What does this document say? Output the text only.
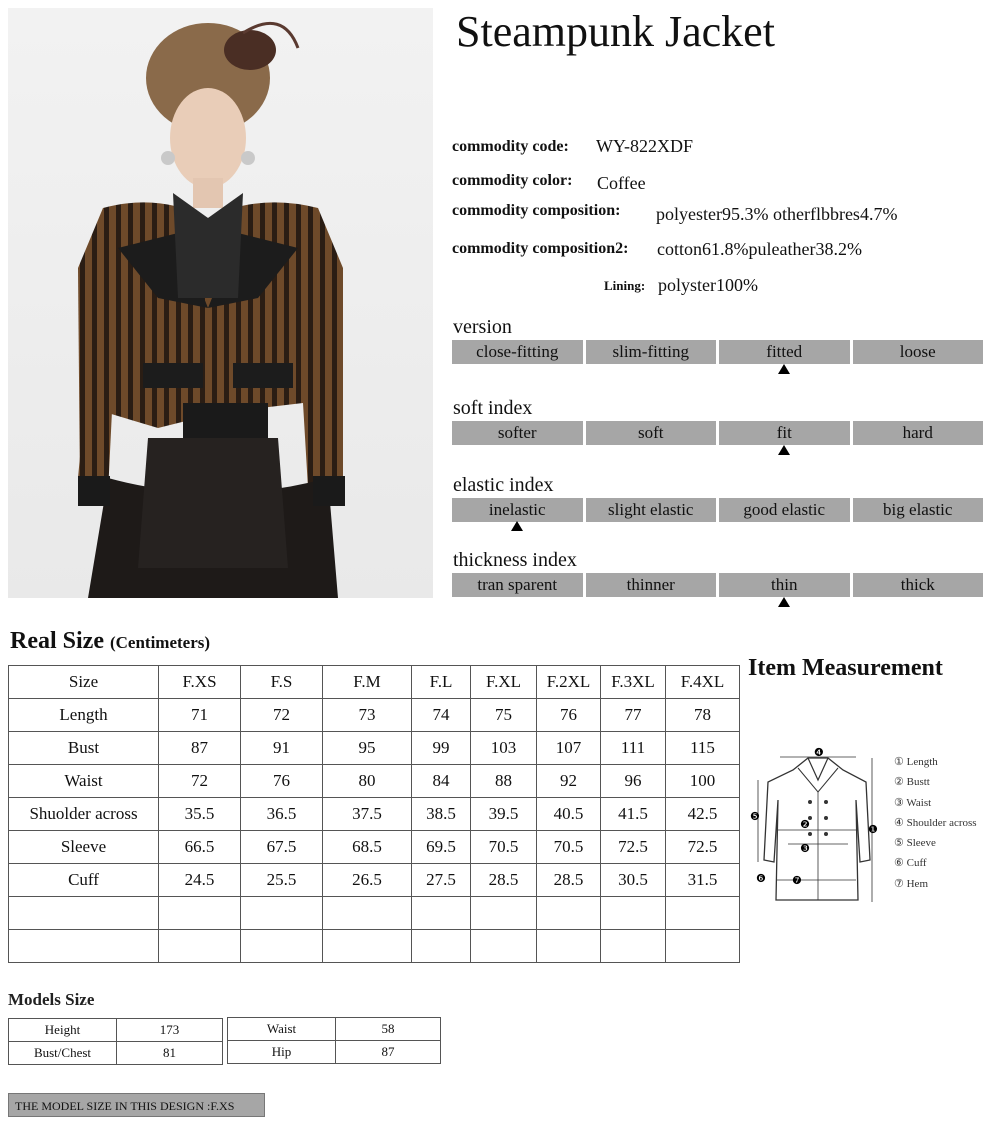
Steampunk Jacket
commodity code: WY-822XDF
commodity color: Coffee
commodity composition: polyester95.3% otherflbbres4.7%
commodity composition2: cotton61.8%puleather38.2%
Lining: polyster100%
version
close-fitting	slim-fitting	fitted	loose
soft index
softer	soft	fit	hard
elastic index
inelastic	slight elastic	good elastic	big elastic
thickness index
tran sparent	thinner	thin	thick
Real Size (Centimeters)
Size	F.XS	F.S	F.M	F.L	F.XL	F.2XL	F.3XL	F.4XL
Length	71	72	73	74	75	76	77	78
Bust	87	91	95	99	103	107	111	115
Waist	72	76	80	84	88	92	96	100
Shuolder across	35.5	36.5	37.5	38.5	39.5	40.5	41.5	42.5
Sleeve	66.5	67.5	68.5	69.5	70.5	70.5	72.5	72.5
Cuff	24.5	25.5	26.5	27.5	28.5	28.5	30.5	31.5

Item Measurement
❹
❷
❸
❶
❺
❻ ❼
① Length
② Bustt
③ Waist
④ Shoulder across
⑤ Sleeve
⑥ Cuff
⑦ Hem
Models Size
Height	173
Bust/Chest	81
Waist	58
Hip	87
THE MODEL SIZE IN THIS DESIGN :F.XS
